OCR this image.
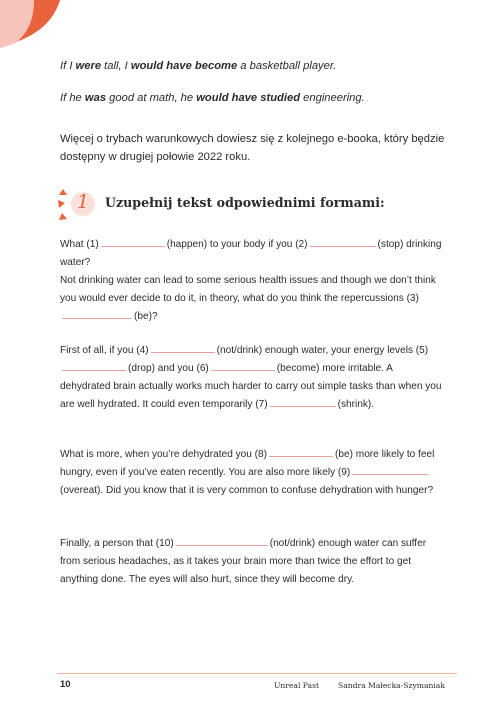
If I were tall, I would have become a basketball player.

If he was good at math, he would have studied engineering.

Więcej o trybach warunkowych dowiesz się z kolejnego e-booka, który będzie dostępny w drugiej połowie 2022 roku.

1 Uzupełnij tekst odpowiednimi formami:

What (1)	(happen) to your body if you (2)	(stop) drinking water?
Not drinking water can lead to some serious health issues and though we don’t think you would ever decide to do it, in theory, what do you think the repercussions (3)(be)?

First of all, if you (4)	(not/drink) enough water, your energy levels (5)(drop) and you (6)	(become) more irritable. A dehydrated brain actually works much harder to carry out simple tasks than when you are well hydrated. It could even temporarily (7)	(shrink).

What is more, when you’re dehydrated you (8)	(be) more likely to feel hungry, even if you’ve eaten recently. You are also more likely (9)(overeat). Did you know that it is very common to confuse dehydration with hunger?

Finally, a person that (10)	(not/drink) enough water can suffer from serious headaches, as it takes your brain more than twice the effort to get anything done. The eyes will also hurt, since they will become dry.

10	Unreal Past Sandra Małecka-Szymaniak
